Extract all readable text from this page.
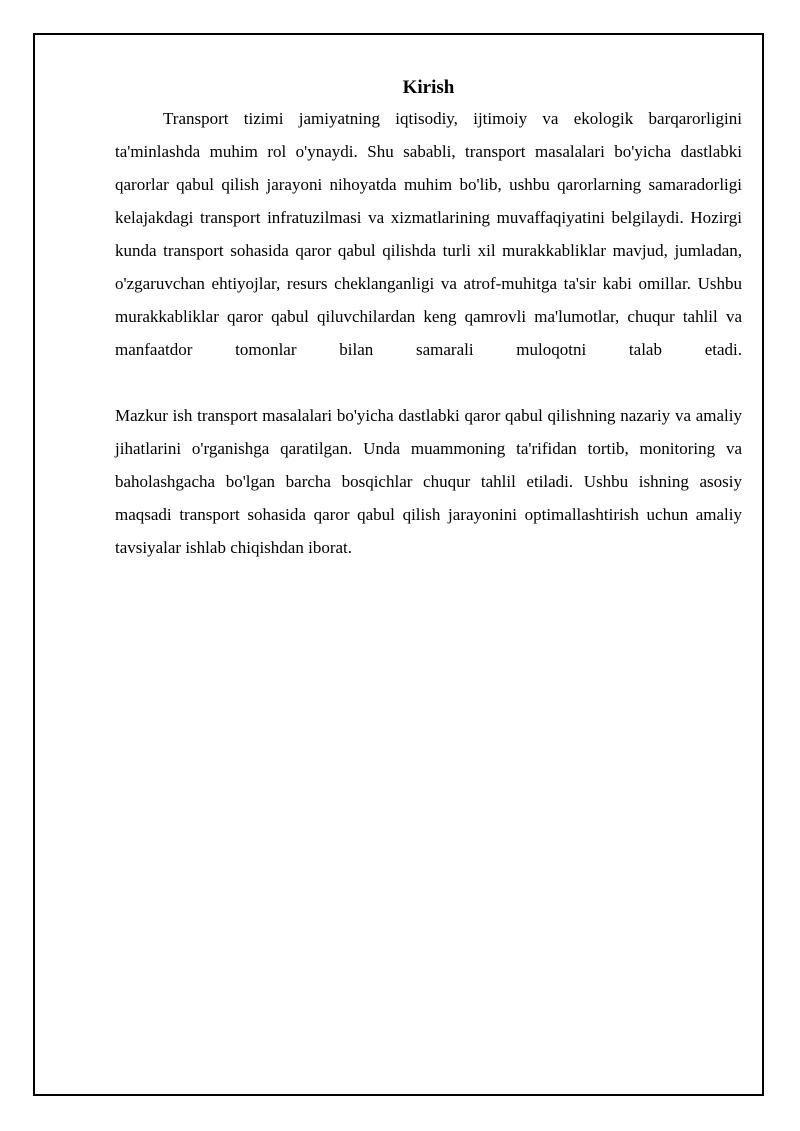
Kirish

Transport tizimi jamiyatning iqtisodiy, ijtimoiy va ekologik barqarorligini ta'minlashda muhim rol o'ynaydi. Shu sababli, transport masalalari bo'yicha dastlabki qarorlar qabul qilish jarayoni nihoyatda muhim bo'lib, ushbu qarorlarning samaradorligi kelajakdagi transport infratuzilmasi va xizmatlarining muvaffaqiyatini belgilaydi. Hozirgi kunda transport sohasida qaror qabul qilishda turli xil murakkabliklar mavjud, jumladan, o'zgaruvchan ehtiyojlar, resurs cheklanganligi va atrof-muhitga ta'sir kabi omillar. Ushbu murakkabliklar qaror qabul qiluvchilardan keng qamrovli ma'lumotlar, chuqur tahlil va manfaatdor tomonlar bilan samarali muloqotni talab etadi.

Mazkur ish transport masalalari bo'yicha dastlabki qaror qabul qilishning nazariy va amaliy jihatlarini o'rganishga qaratilgan. Unda muammoning ta'rifidan tortib, monitoring va baholashgacha bo'lgan barcha bosqichlar chuqur tahlil etiladi. Ushbu ishning asosiy maqsadi transport sohasida qaror qabul qilish jarayonini optimallashtirish uchun amaliy tavsiyalar ishlab chiqishdan iborat.
